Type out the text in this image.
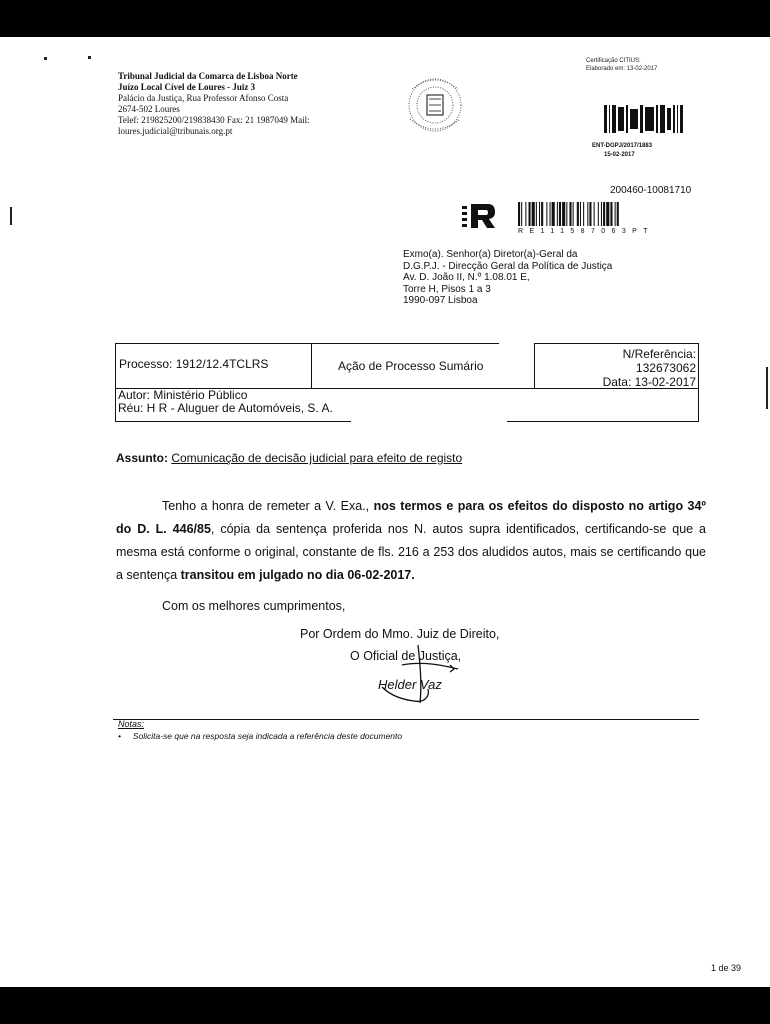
Tribunal Judicial da Comarca de Lisboa Norte
Juízo Local Cível de Loures - Juiz 3
Palácio da Justiça, Rua Professor Afonso Costa
2674-502 Loures
Telef: 219825200/219838430 Fax: 21 1987049 Mail:
loures.judicial@tribunais.org.pt
Certificação CITIUS:
Elaborado em: 13-02-2017
ENT-DGPJ/2017/1883
15-02-2017
200460-10081710
RE111587063PT
Exmo(a). Senhor(a) Diretor(a)-Geral da
D.G.P.J. - Direcção Geral da Política de Justiça
Av. D. João II, N.º 1.08.01 E,
Torre H, Pisos 1 a 3
1990-097 Lisboa
Processo: 1912/12.4TCLRS	Ação de Processo Sumário
N/Referência:
132673062
Data: 13-02-2017
Autor: Ministério Público
Réu: H R - Aluguer de Automóveis, S. A.
Assunto: Comunicação de decisão judicial para efeito de registo

Tenho a honra de remeter a V. Exa., nos termos e para os efeitos do disposto no artigo 34º do D. L. 446/85, cópia da sentença proferida nos N. autos supra identificados, certificando-se que a mesma está conforme o original, constante de fls. 216 a 253 dos aludidos autos, mais se certificando que a sentença transitou em julgado no dia 06-02-2017.

Com os melhores cumprimentos,
Por Ordem do Mmo. Juiz de Direito,
O Oficial de Justiça,
Helder Vaz
Notas:
•     Solicita-se que na resposta seja indicada a referência deste documento
1 de 39
